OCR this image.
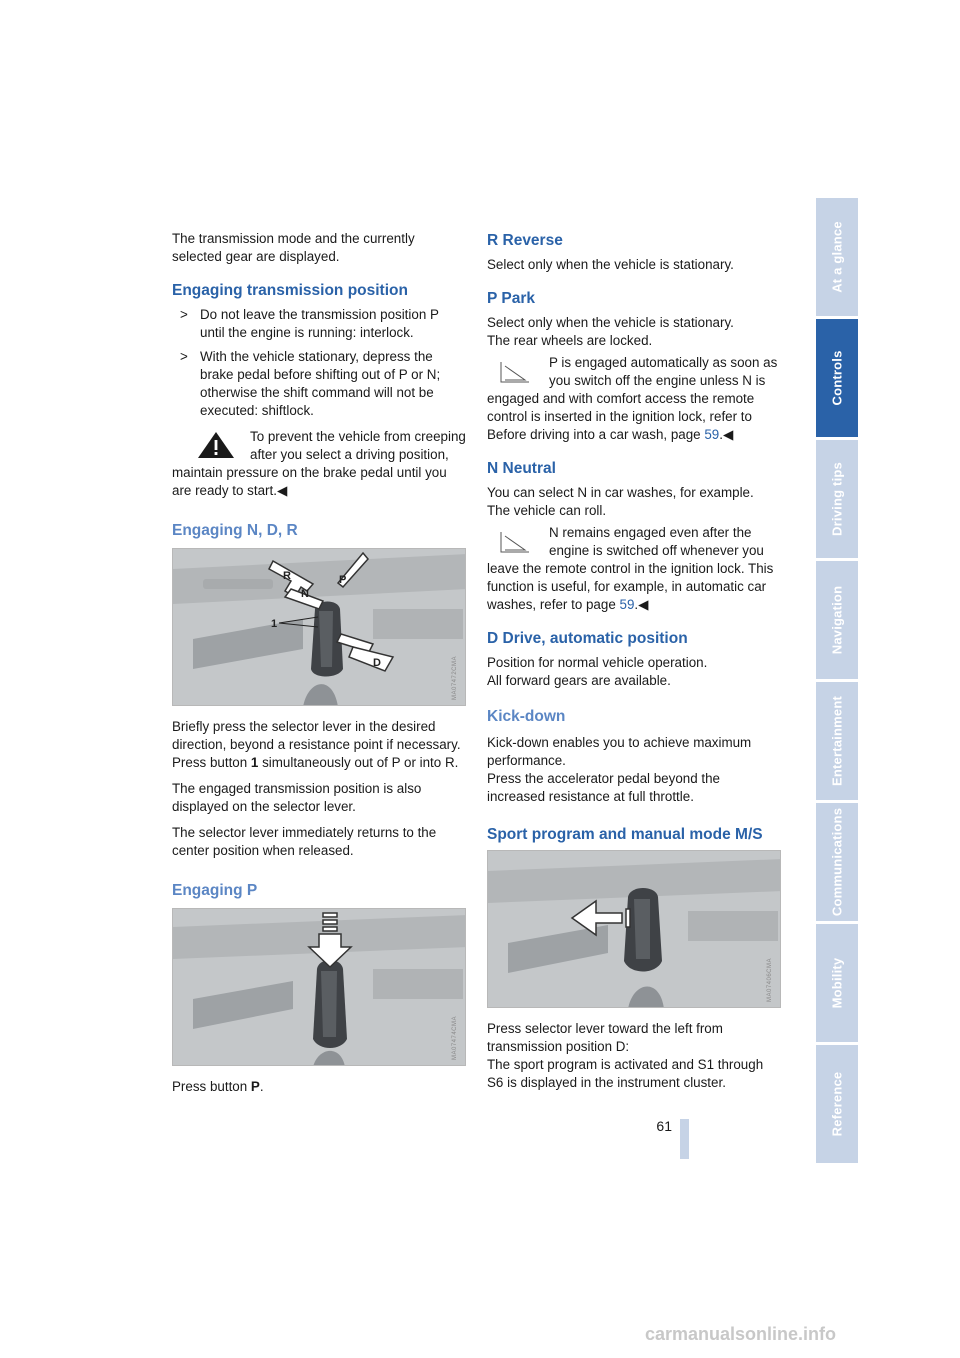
The transmission mode and the currently selected gear are displayed.

Engaging transmission position
> Do not leave the transmission position P until the engine is running: interlock.
> With the vehicle stationary, depress the brake pedal before shifting out of P or N; otherwise the shift command will not be executed: shiftlock.
To prevent the vehicle from creeping after you select a driving position, maintain pressure on the brake pedal until you are ready to start.◀
Engaging N, D, R
R
N
P
D
1
MA07472CMA

Briefly press the selector lever in the desired direction, beyond a resistance point if necessary. Press button 1 simultaneously out of P or into R.

The engaged transmission position is also displayed on the selector lever.

The selector lever immediately returns to the center position when released.

Engaging P
MA07474CMA

Press button P.

R Reverse

Select only when the vehicle is stationary.

P Park

Select only when the vehicle is stationary.
The rear wheels are locked.

P is engaged automatically as soon as you switch off the engine unless N is engaged and with comfort access the remote control is inserted in the ignition lock, refer to Before driving into a car wash, page 59.◀
N Neutral

You can select N in car washes, for example.
The vehicle can roll.

N remains engaged even after the engine is switched off whenever you leave the remote control in the ignition lock. This function is useful, for example, in automatic car washes, refer to page 59.◀
D Drive, automatic position

Position for normal vehicle operation.
All forward gears are available.

Kick-down

Kick-down enables you to achieve maximum performance.
Press the accelerator pedal beyond the increased resistance at full throttle.

Sport program and manual mode M/S
MA07406CMA

Press selector lever toward the left from transmission position D:
The sport program is activated and S1 through S6 is displayed in the instrument cluster.

At a glance
Controls
Driving tips
Navigation
Entertainment
Communications
Mobility
Reference
61
carmanualsonline.info
